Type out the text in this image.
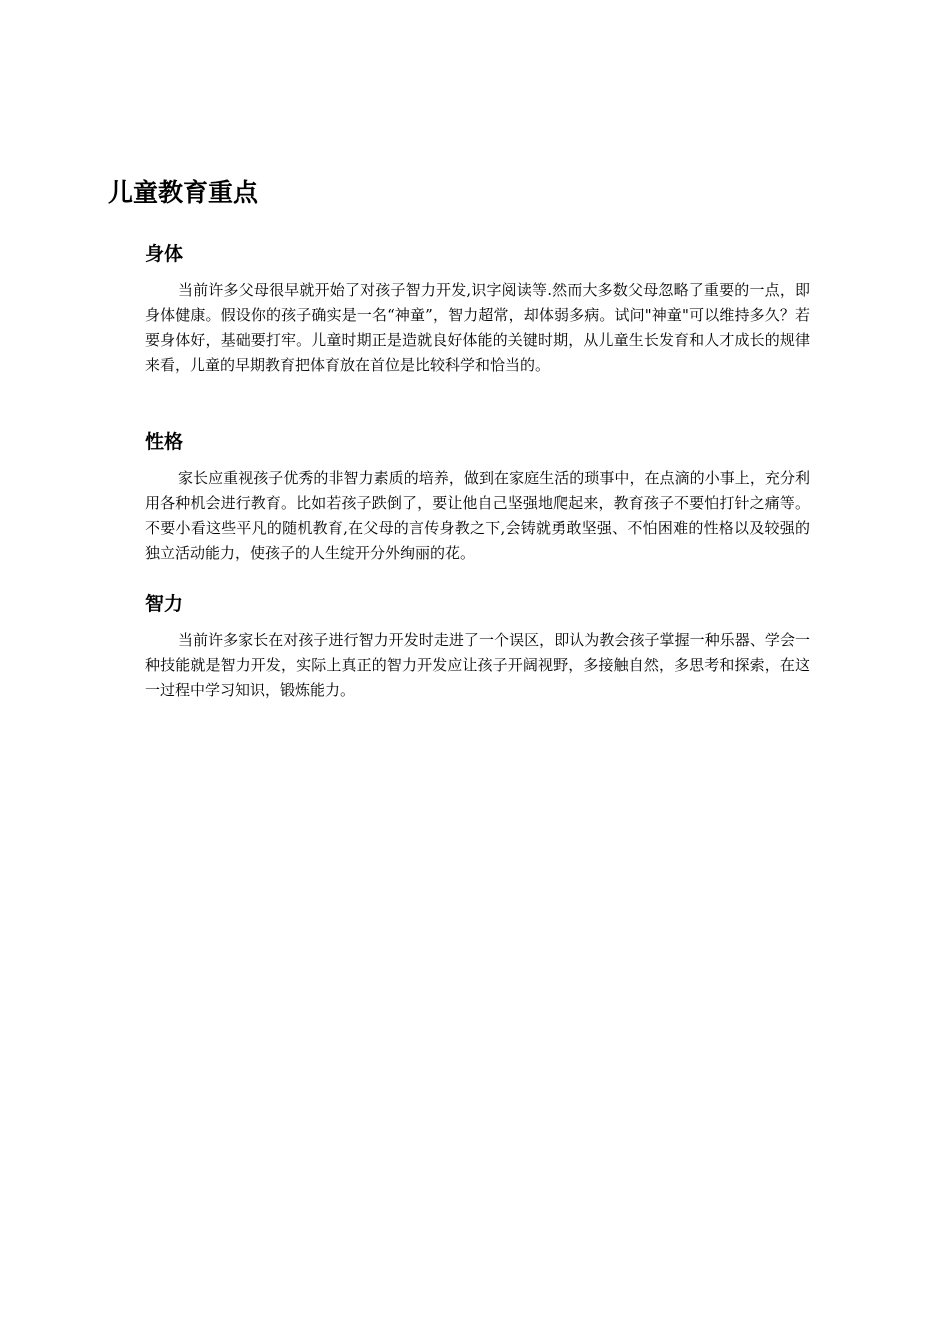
儿童教育重点
身体

当前许多父母很早就开始了对孩子智力开发,识字阅读等.然而大多数父母忽略了重要的一点，即身体健康。假设你的孩子确实是一名“神童”，智力超常，却体弱多病。试问"神童"可以维持多久？若要身体好，基础要打牢。儿童时期正是造就良好体能的关键时期，从儿童生长发育和人才成长的规律来看，儿童的早期教育把体育放在首位是比较科学和恰当的。

性格

家长应重视孩子优秀的非智力素质的培养，做到在家庭生活的琐事中，在点滴的小事上，充分利用各种机会进行教育。比如若孩子跌倒了，要让他自己坚强地爬起来，教育孩子不要怕打针之痛等。不要小看这些平凡的随机教育,在父母的言传身教之下,会铸就勇敢坚强、不怕困难的性格以及较强的独立活动能力，使孩子的人生绽开分外绚丽的花。

智力

当前许多家长在对孩子进行智力开发时走进了一个误区，即认为教会孩子掌握一种乐器、学会一种技能就是智力开发，实际上真正的智力开发应让孩子开阔视野，多接触自然，多思考和探索，在这一过程中学习知识，锻炼能力。
